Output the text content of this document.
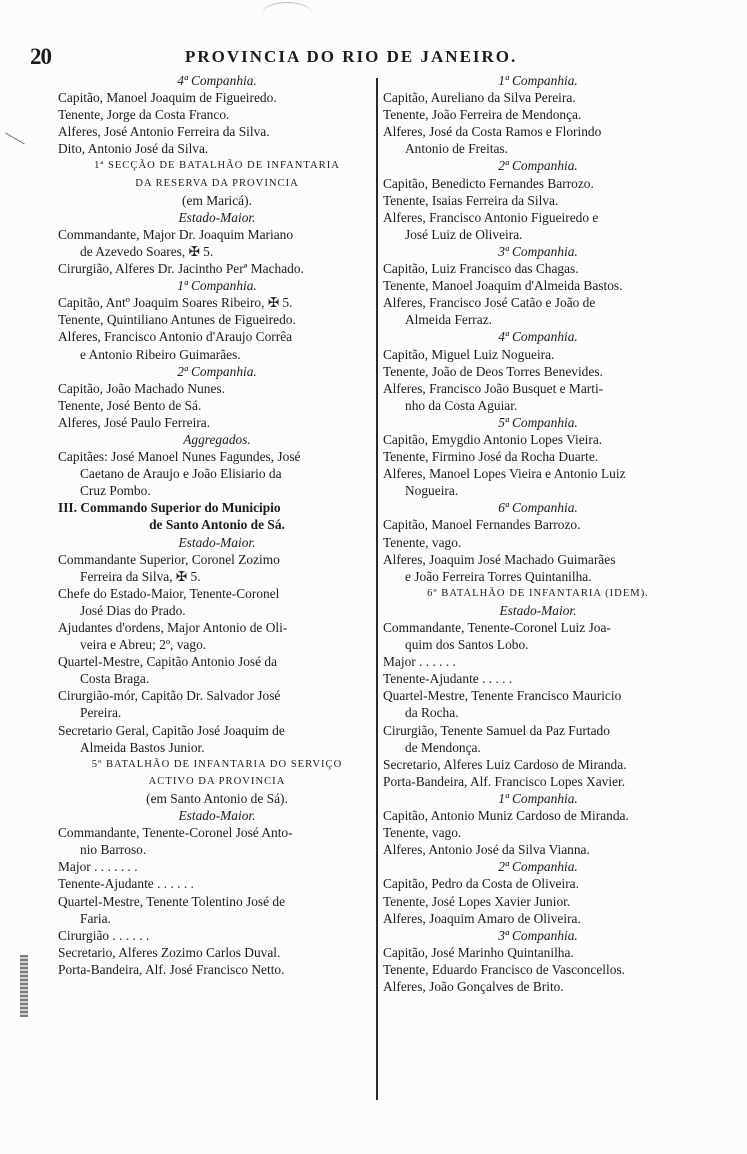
20	PROVINCIA DO RIO DE JANEIRO.
4ª Companhia.
Capitão, Manoel Joaquim de Figueiredo.
Tenente, Jorge da Costa Franco.
Alferes, José Antonio Ferreira da Silva.
Dito, Antonio José da Silva.
1ª SECÇÃO DE BATALHÃO DE INFANTARIA
DA RESERVA DA PROVINCIA
(em Maricá).
Estado-Maior.
Commandante, Major Dr. Joaquim Mariano
de Azevedo Soares, ✠ 5.
Cirurgião, Alferes Dr. Jacintho Perª Machado.
1ª Companhia.
Capitão, Antº Joaquim Soares Ribeiro, ✠ 5.
Tenente, Quintiliano Antunes de Figueiredo.
Alferes, Francisco Antonio d'Araujo Corrêa
e Antonio Ribeiro Guimarães.
2ª Companhia.
Capitão, João Machado Nunes.
Tenente, José Bento de Sá.
Alferes, José Paulo Ferreira.
Aggregados.
Capitães: José Manoel Nunes Fagundes, José
Caetano de Araujo e João Elisiario da
Cruz Pombo.
III. Commando Superior do Municipio
de Santo Antonio de Sá.
Estado-Maior.
Commandante Superior, Coronel Zozimo
Ferreira da Silva, ✠ 5.
Chefe do Estado-Maior, Tenente-Coronel
José Dias do Prado.
Ajudantes d'ordens, Major Antonio de Oli-
veira e Abreu; 2º, vago.
Quartel-Mestre, Capitão Antonio José da
Costa Braga.
Cirurgião-mór, Capitão Dr. Salvador José
Pereira.
Secretario Geral, Capitão José Joaquim de
Almeida Bastos Junior.
5º BATALHÃO DE INFANTARIA DO SERVIÇO
ACTIVO DA PROVINCIA
(em Santo Antonio de Sá).
Estado-Maior.
Commandante, Tenente-Coronel José Anto-
nio Barroso.
Major . . . . . . .
Tenente-Ajudante . . . . . .
Quartel-Mestre, Tenente Tolentino José de
Faria.
Cirurgião . . . . . .
Secretario, Alferes Zozimo Carlos Duval.
Porta-Bandeira, Alf. José Francisco Netto.
1ª Companhia.
Capitão, Aureliano da Silva Pereira.
Tenente, João Ferreira de Mendonça.
Alferes, José da Costa Ramos e Florindo
Antonio de Freitas.
2ª Companhia.
Capitão, Benedicto Fernandes Barrozo.
Tenente, Isaias Ferreira da Silva.
Alferes, Francisco Antonio Figueiredo e
José Luiz de Oliveira.
3ª Companhia.
Capitão, Luiz Francisco das Chagas.
Tenente, Manoel Joaquim d'Almeida Bastos.
Alferes, Francisco José Catão e João de
Almeida Ferraz.
4ª Companhia.
Capitão, Miguel Luiz Nogueira.
Tenente, João de Deos Torres Benevides.
Alferes, Francisco João Busquet e Marti-
nho da Costa Aguiar.
5ª Companhia.
Capitão, Emygdio Antonio Lopes Vieira.
Tenente, Firmino José da Rocha Duarte.
Alferes, Manoel Lopes Vieira e Antonio Luiz
Nogueira.
6ª Companhia.
Capitão, Manoel Fernandes Barrozo.
Tenente, vago.
Alferes, Joaquim José Machado Guimarães
e João Ferreira Torres Quintanilha.
6º BATALHÃO DE INFANTARIA (IDEM).
Estado-Maior.
Commandante, Tenente-Coronel Luiz Joa-
quim dos Santos Lobo.
Major . . . . . .
Tenente-Ajudante . . . . .
Quartel-Mestre, Tenente Francisco Mauricio
da Rocha.
Cirurgião, Tenente Samuel da Paz Furtado
de Mendonça.
Secretario, Alferes Luiz Cardoso de Miranda.
Porta-Bandeira, Alf. Francisco Lopes Xavier.
1ª Companhia.
Capitão, Antonio Muniz Cardoso de Miranda.
Tenente, vago.
Alferes, Antonio José da Silva Vianna.
2ª Companhia.
Capitão, Pedro da Costa de Oliveira.
Tenente, José Lopes Xavier Junior.
Alferes, Joaquim Amaro de Oliveira.
3ª Companhia.
Capitão, José Marinho Quintanilha.
Tenente, Eduardo Francisco de Vasconcellos.
Alferes, João Gonçalves de Brito.
